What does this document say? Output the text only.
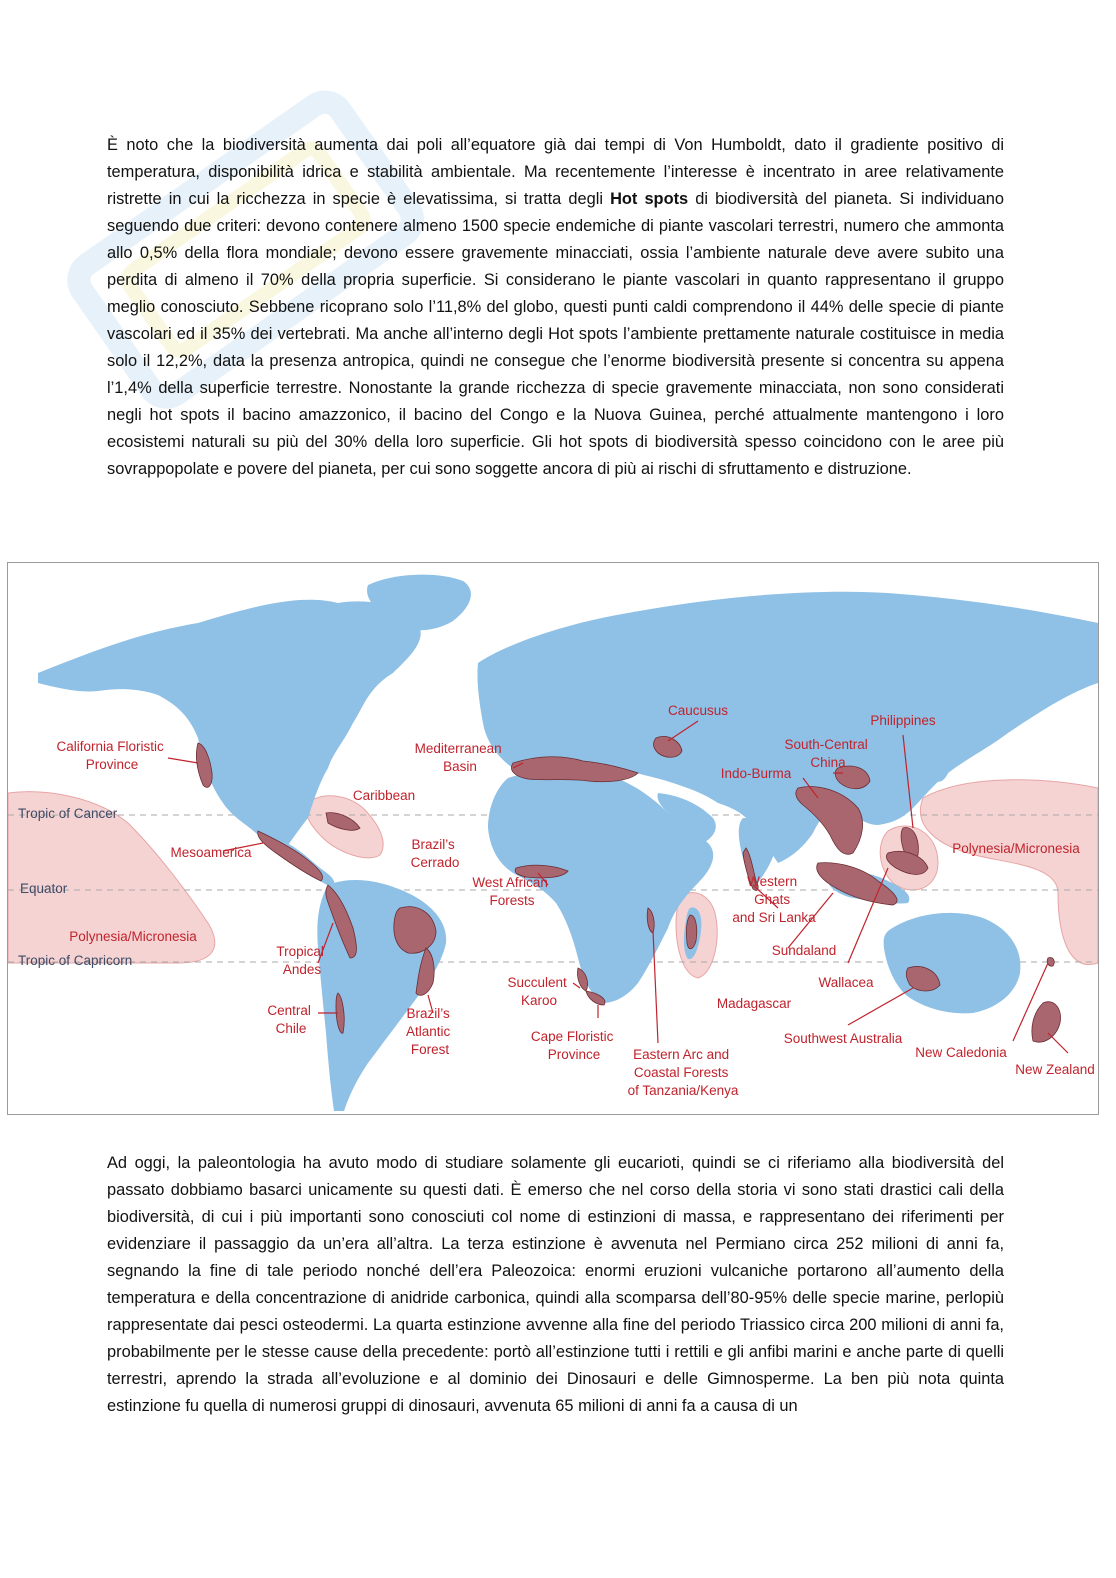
È noto che la biodiversità aumenta dai poli all’equatore già dai tempi di Von Humboldt, dato il gradiente positivo di temperatura, disponibilità idrica e stabilità ambientale. Ma recentemente l’interesse è incentrato in aree relativamente ristrette in cui la ricchezza in specie è elevatissima, si tratta degli Hot spots di biodiversità del pianeta. Si individuano seguendo due criteri: devono contenere almeno 1500 specie endemiche di piante vascolari terrestri, numero che ammonta allo 0,5% della flora mondiale; devono essere gravemente minacciati, ossia l’ambiente naturale deve avere subito una perdita di almeno il 70% della propria superficie. Si considerano le piante vascolari in quanto rappresentano il gruppo meglio conosciuto. Sebbene ricoprano solo l’11,8% del globo, questi punti caldi comprendono il 44% delle specie di piante vascolari ed il 35% dei vertebrati. Ma anche all’interno degli Hot spots l’ambiente prettamente naturale costituisce in media solo il 12,2%, data la presenza antropica, quindi ne consegue che l’enorme biodiversità presente si concentra su appena l’1,4% della superficie terrestre. Nonostante la grande ricchezza di specie gravemente minacciata, non sono considerati negli hot spots il bacino amazzonico, il bacino del Congo e la Nuova Guinea, perché attualmente mantengono i loro ecosistemi naturali su più del 30% della loro superficie. Gli hot spots di biodiversità spesso coincidono con le aree più sovrappopolate e povere del pianeta, per cui sono soggette ancora di più ai rischi di sfruttamento e distruzione.

Tropic of Cancer
Equator
Tropic of Capricorn
California Floristic Province
Mediterranean Basin
Caucusus
Philippines
South-Central China
Indo-Burma
Caribbean
Mesoamerica
Brazil’s Cerrado
West African Forests
Western Ghats and Sri Lanka
Polynesia/Micronesia
Polynesia/Micronesia
Tropical Andes
Sundaland
Wallacea
Succulent Karoo	Madagascar
Central Chile
Brazil’s Atlantic Forest
Cape Floristic Province
Southwest Australia
New Caledonia
New Zealand
Eastern Arc and Coastal Forests of Tanzania/Kenya

Ad oggi, la paleontologia ha avuto modo di studiare solamente gli eucarioti, quindi se ci riferiamo alla biodiversità del passato dobbiamo basarci unicamente su questi dati. È emerso che nel corso della storia vi sono stati drastici cali della biodiversità, di cui i più importanti sono conosciuti col nome di estinzioni di massa, e rappresentano dei riferimenti per evidenziare il passaggio da un’era all’altra. La terza estinzione è avvenuta nel Permiano circa 252 milioni di anni fa, segnando la fine di tale periodo nonché dell’era Paleozoica: enormi eruzioni vulcaniche portarono all’aumento della temperatura e della concentrazione di anidride carbonica, quindi alla scomparsa dell’80-95% delle specie marine, perlopiù rappresentate dai pesci osteodermi. La quarta estinzione avvenne alla fine del periodo Triassico circa 200 milioni di anni fa, probabilmente per le stesse cause della precedente: portò all’estinzione tutti i rettili e gli anfibi marini e anche parte di quelli terrestri, aprendo la strada all’evoluzione e al dominio dei Dinosauri e delle Gimnosperme. La ben più nota quinta estinzione fu quella di numerosi gruppi di dinosauri, avvenuta 65 milioni di anni fa a causa di un
